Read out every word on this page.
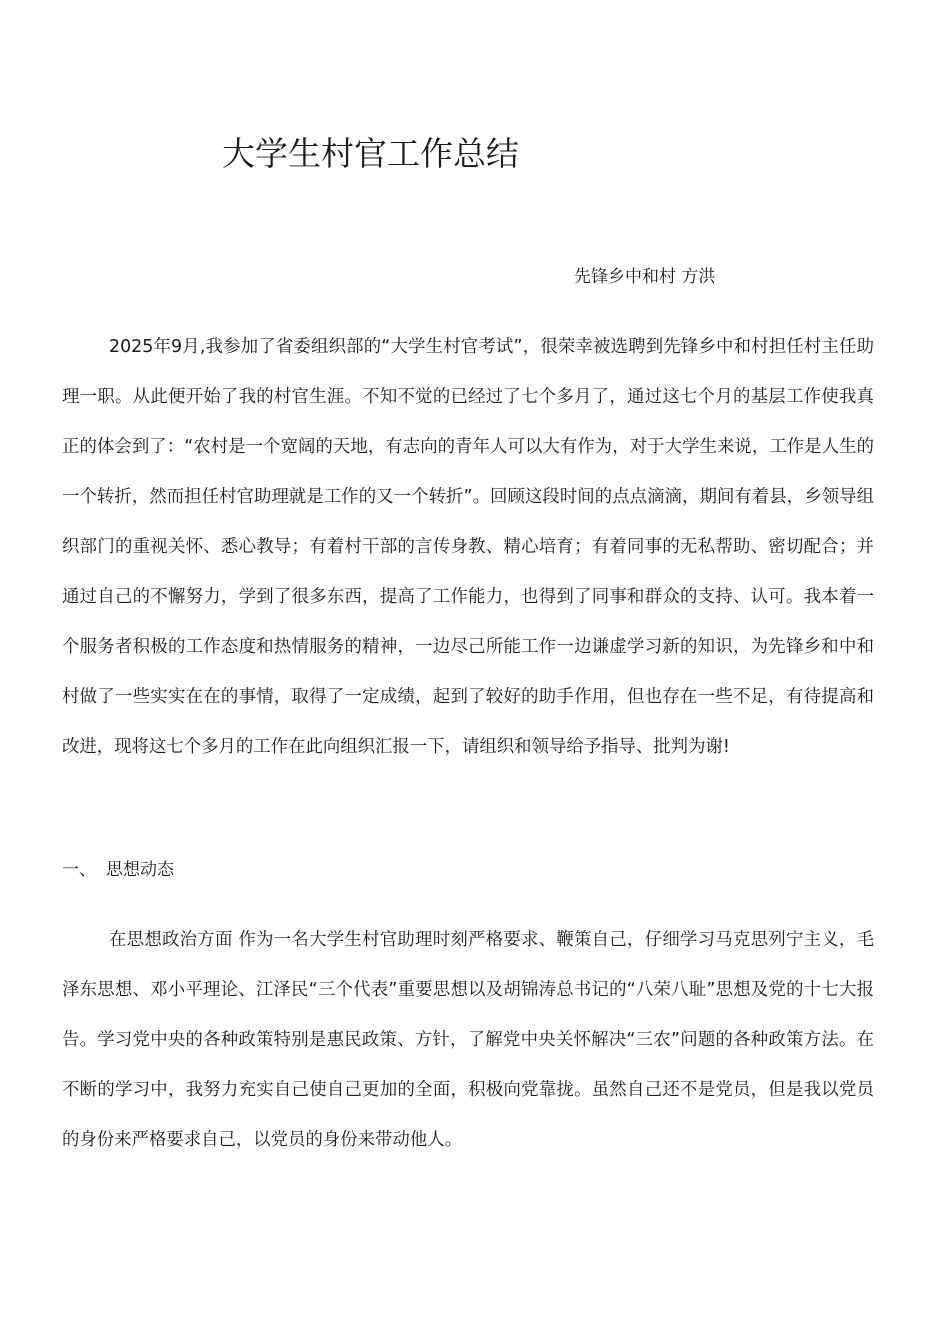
大学生村官工作总结
先锋乡中和村 方洪

2025年9月,我参加了省委组织部的“大学生村官考试”，很荣幸被选聘到先锋乡中和村担任村主任助理一职。从此便开始了我的村官生涯。不知不觉的已经过了七个多月了，通过这七个月的基层工作使我真正的体会到了：“农村是一个宽阔的天地，有志向的青年人可以大有作为，对于大学生来说，工作是人生的一个转折，然而担任村官助理就是工作的又一个转折”。回顾这段时间的点点滴滴，期间有着县，乡领导组织部门的重视关怀、悉心教导；有着村干部的言传身教、精心培育；有着同事的无私帮助、密切配合；并通过自己的不懈努力，学到了很多东西，提高了工作能力，也得到了同事和群众的支持、认可。我本着一个服务者积极的工作态度和热情服务的精神，一边尽己所能工作一边谦虚学习新的知识，为先锋乡和中和村做了一些实实在在的事情，取得了一定成绩，起到了较好的助手作用，但也存在一些不足，有待提高和改进，现将这七个多月的工作在此向组织汇报一下，请组织和领导给予指导、批判为谢!

一、 思想动态

在思想政治方面 作为一名大学生村官助理时刻严格要求、鞭策自己，仔细学习马克思列宁主义，毛泽东思想、邓小平理论、江泽民“三个代表”重要思想以及胡锦涛总书记的“八荣八耻”思想及党的十七大报告。学习党中央的各种政策特别是惠民政策、方针，了解党中央关怀解决“三农”问题的各种政策方法。在不断的学习中，我努力充实自己使自己更加的全面，积极向党靠拢。虽然自己还不是党员，但是我以党员的身份来严格要求自己，以党员的身份来带动他人。
